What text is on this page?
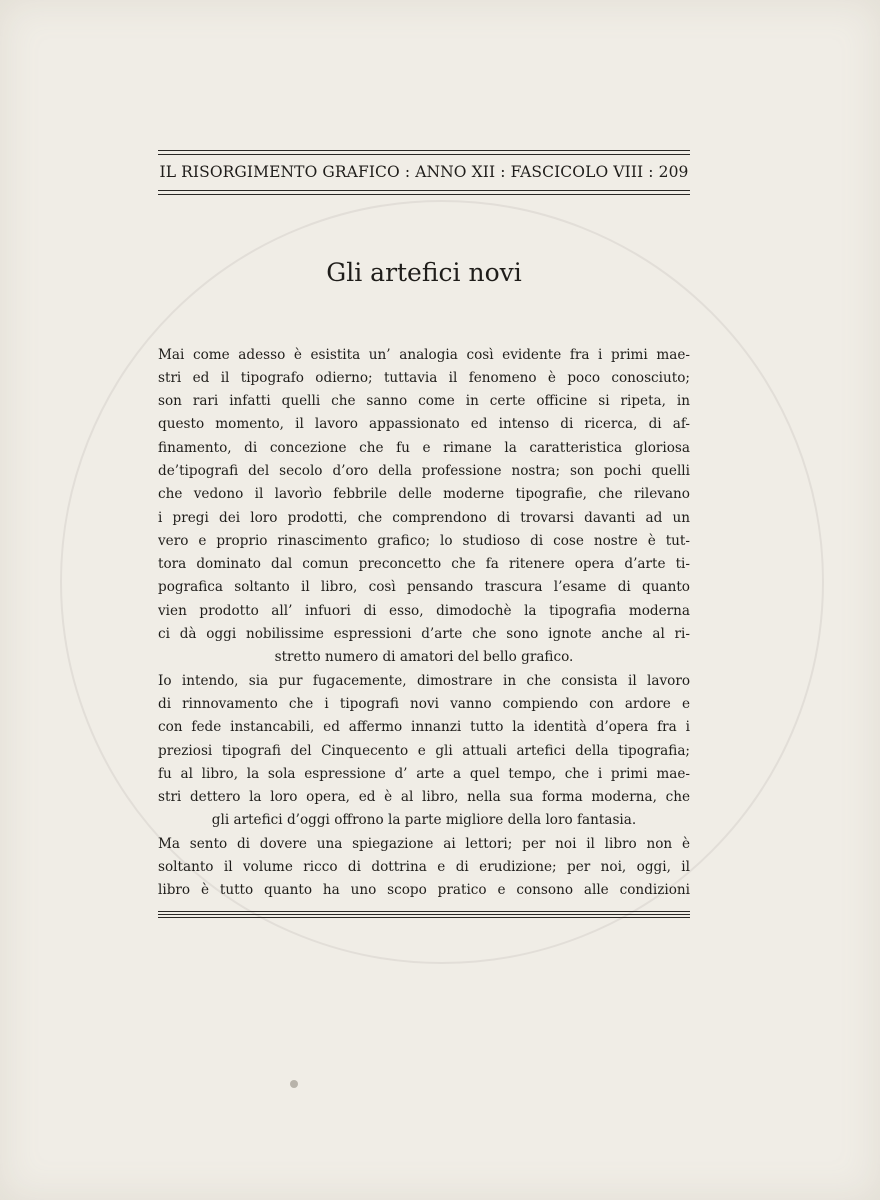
IL RISORGIMENTO GRAFICO : ANNO XII : FASCICOLO VIII : 209
Gli artefici novi
Mai come adesso è esistita un’ analogia così evidente fra i primi mae-
stri ed il tipografo odierno; tuttavia il fenomeno è poco conosciuto;
son rari infatti quelli che sanno come in certe officine si ripeta, in
questo momento, il lavoro appassionato ed intenso di ricerca, di af-
finamento, di concezione che fu e rimane la caratteristica gloriosa
de’tipografi del secolo d’oro della professione nostra; son pochi quelli
che vedono il lavorìo febbrile delle moderne tipografie, che rilevano
i pregi dei loro prodotti, che comprendono di trovarsi davanti ad un
vero e proprio rinascimento grafico; lo studioso di cose nostre è tut-
tora dominato dal comun preconcetto che fa ritenere opera d’arte ti-
pografica soltanto il libro, così pensando trascura l’esame di quanto
vien prodotto all’ infuori di esso, dimodochè la tipografia moderna
ci dà oggi nobilissime espressioni d’arte che sono ignote anche al ri-
stretto numero di amatori del bello grafico.
Io intendo, sia pur fugacemente, dimostrare in che consista il lavoro
di rinnovamento che i tipografi novi vanno compiendo con ardore e
con fede instancabili, ed affermo innanzi tutto la identità d’opera fra i
preziosi tipografi del Cinquecento e gli attuali artefici della tipografia;
fu al libro, la sola espressione d’ arte a quel tempo, che i primi mae-
stri dettero la loro opera, ed è al libro, nella sua forma moderna, che
gli artefici d’oggi offrono la parte migliore della loro fantasia.
Ma sento di dovere una spiegazione ai lettori; per noi il libro non è
soltanto il volume ricco di dottrina e di erudizione; per noi, oggi, il
libro è tutto quanto ha uno scopo pratico e consono alle condizioni
